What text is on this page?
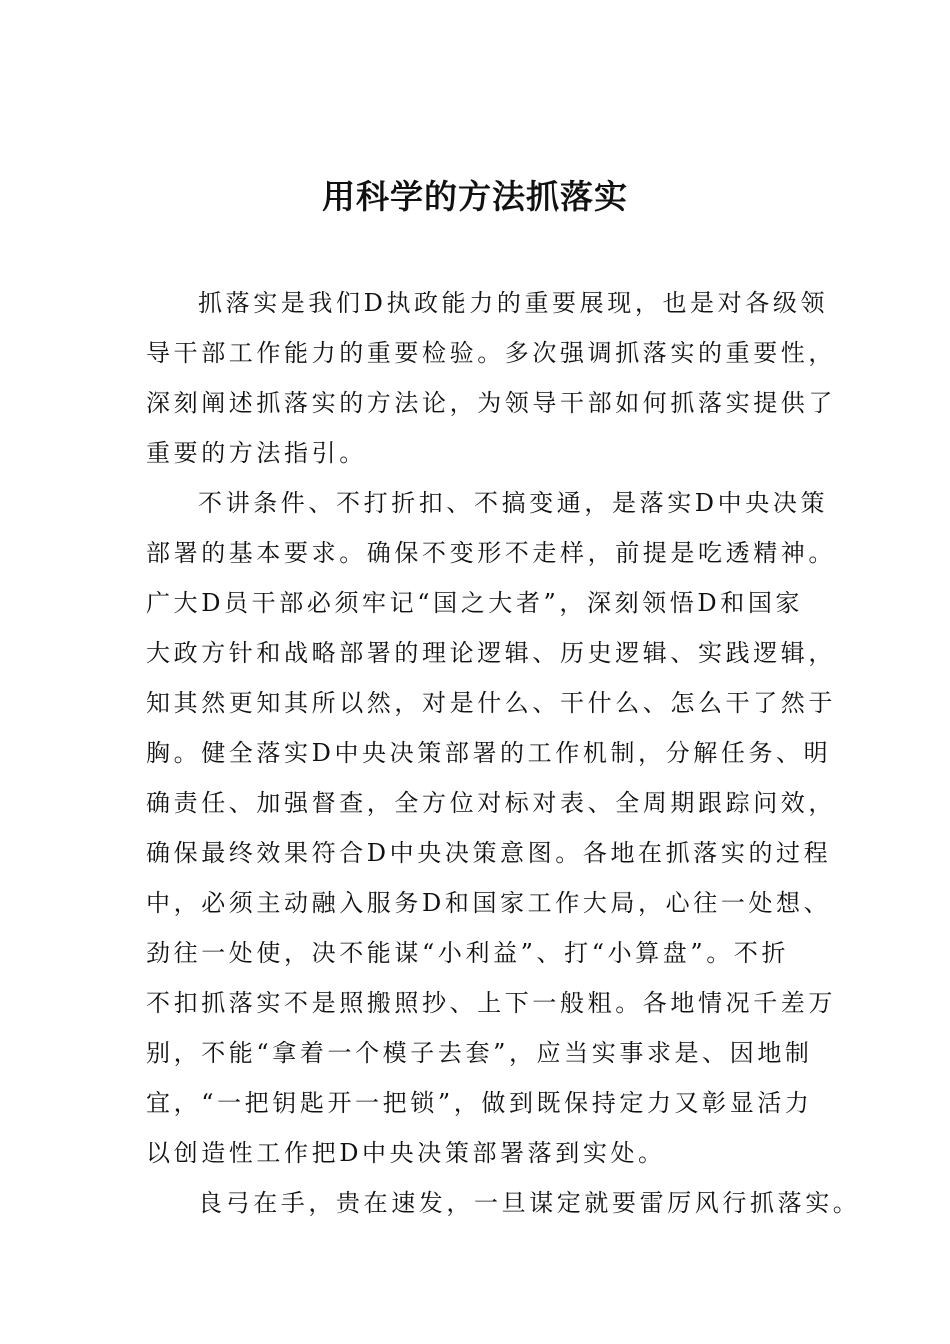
用科学的方法抓落实
抓落实是我们D执政能力的重要展现，也是对各级领
导干部工作能力的重要检验。多次强调抓落实的重要性，
深刻阐述抓落实的方法论，为领导干部如何抓落实提供了
重要的方法指引。
不讲条件、不打折扣、不搞变通，是落实D中央决策
部署的基本要求。确保不变形不走样，前提是吃透精神。
广大D员干部必须牢记“国之大者”，深刻领悟D和国家
大政方针和战略部署的理论逻辑、历史逻辑、实践逻辑，
知其然更知其所以然，对是什么、干什么、怎么干了然于
胸。健全落实D中央决策部署的工作机制，分解任务、明
确责任、加强督查，全方位对标对表、全周期跟踪问效，
确保最终效果符合D中央决策意图。各地在抓落实的过程
中，必须主动融入服务D和国家工作大局，心往一处想、
劲往一处使，决不能谋“小利益”、打“小算盘”。不折
不扣抓落实不是照搬照抄、上下一般粗。各地情况千差万
别，不能“拿着一个模子去套”，应当实事求是、因地制
宜，“一把钥匙开一把锁”，做到既保持定力又彰显活力
以创造性工作把D中央决策部署落到实处。
良弓在手，贵在速发，一旦谋定就要雷厉风行抓落实。
